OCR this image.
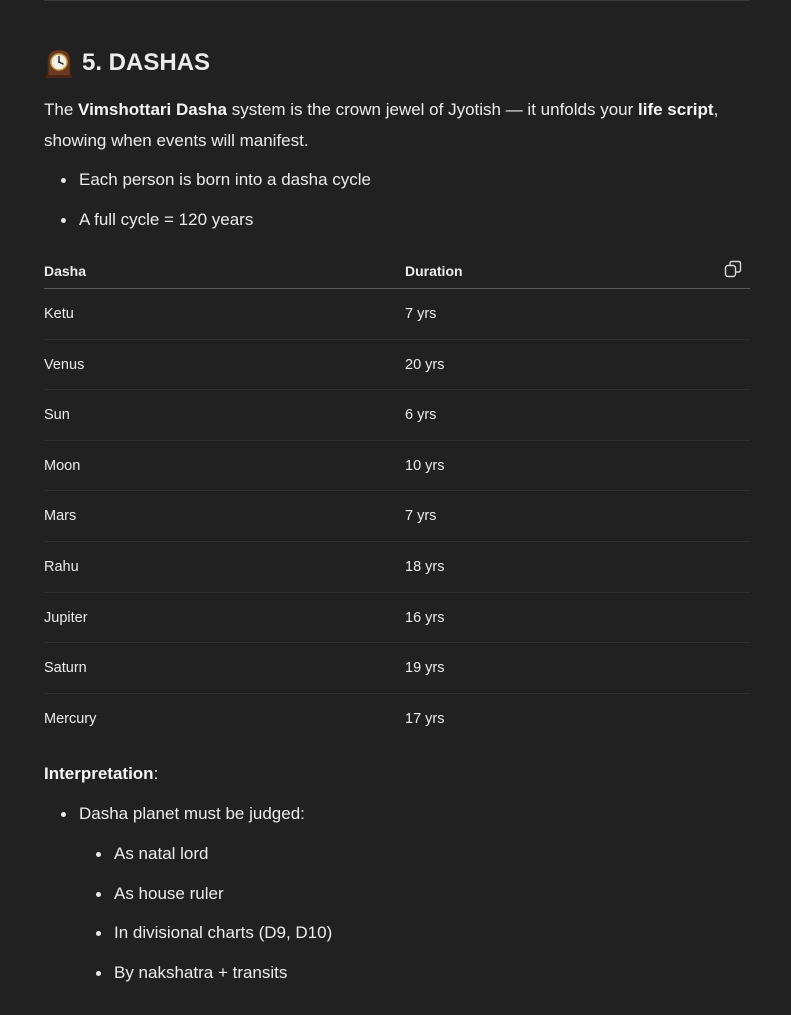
5. DASHAS
The Vimshottari Dasha system is the crown jewel of Jyotish — it unfolds your life script, showing when events will manifest.
Each person is born into a dasha cycle
A full cycle = 120 years
Dasha	Duration
Ketu	7 yrs
Venus	20 yrs
Sun	6 yrs
Moon	10 yrs
Mars	7 yrs
Rahu	18 yrs
Jupiter	16 yrs
Saturn	19 yrs
Mercury	17 yrs
Interpretation:
Dasha planet must be judged:
As natal lord
As house ruler
In divisional charts (D9, D10)
By nakshatra + transits
